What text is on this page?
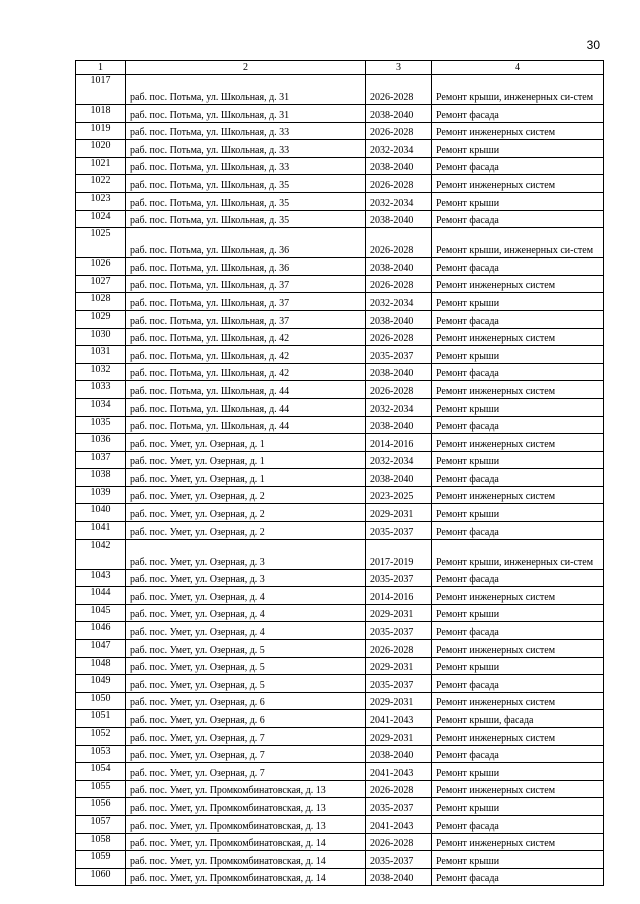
30
1	2	3	4
1017	раб. пос. Потьма, ул. Школьная, д. 31	2026-2028	Ремонт крыши, инженерных си-стем
1018	раб. пос. Потьма, ул. Школьная, д. 31	2038-2040	Ремонт фасада
1019	раб. пос. Потьма, ул. Школьная, д. 33	2026-2028	Ремонт инженерных систем
1020	раб. пос. Потьма, ул. Школьная, д. 33	2032-2034	Ремонт крыши
1021	раб. пос. Потьма, ул. Школьная, д. 33	2038-2040	Ремонт фасада
1022	раб. пос. Потьма, ул. Школьная, д. 35	2026-2028	Ремонт инженерных систем
1023	раб. пос. Потьма, ул. Школьная, д. 35	2032-2034	Ремонт крыши
1024	раб. пос. Потьма, ул. Школьная, д. 35	2038-2040	Ремонт фасада
1025	раб. пос. Потьма, ул. Школьная, д. 36	2026-2028	Ремонт крыши, инженерных си-стем
1026	раб. пос. Потьма, ул. Школьная, д. 36	2038-2040	Ремонт фасада
1027	раб. пос. Потьма, ул. Школьная, д. 37	2026-2028	Ремонт инженерных систем
1028	раб. пос. Потьма, ул. Школьная, д. 37	2032-2034	Ремонт крыши
1029	раб. пос. Потьма, ул. Школьная, д. 37	2038-2040	Ремонт фасада
1030	раб. пос. Потьма, ул. Школьная, д. 42	2026-2028	Ремонт инженерных систем
1031	раб. пос. Потьма, ул. Школьная, д. 42	2035-2037	Ремонт крыши
1032	раб. пос. Потьма, ул. Школьная, д. 42	2038-2040	Ремонт фасада
1033	раб. пос. Потьма, ул. Школьная, д. 44	2026-2028	Ремонт инженерных систем
1034	раб. пос. Потьма, ул. Школьная, д. 44	2032-2034	Ремонт крыши
1035	раб. пос. Потьма, ул. Школьная, д. 44	2038-2040	Ремонт фасада
1036	раб. пос. Умет, ул. Озерная, д. 1	2014-2016	Ремонт инженерных систем
1037	раб. пос. Умет, ул. Озерная, д. 1	2032-2034	Ремонт крыши
1038	раб. пос. Умет, ул. Озерная, д. 1	2038-2040	Ремонт фасада
1039	раб. пос. Умет, ул. Озерная, д. 2	2023-2025	Ремонт инженерных систем
1040	раб. пос. Умет, ул. Озерная, д. 2	2029-2031	Ремонт крыши
1041	раб. пос. Умет, ул. Озерная, д. 2	2035-2037	Ремонт фасада
1042	раб. пос. Умет, ул. Озерная, д. 3	2017-2019	Ремонт крыши, инженерных си-стем
1043	раб. пос. Умет, ул. Озерная, д. 3	2035-2037	Ремонт фасада
1044	раб. пос. Умет, ул. Озерная, д. 4	2014-2016	Ремонт инженерных систем
1045	раб. пос. Умет, ул. Озерная, д. 4	2029-2031	Ремонт крыши
1046	раб. пос. Умет, ул. Озерная, д. 4	2035-2037	Ремонт фасада
1047	раб. пос. Умет, ул. Озерная, д. 5	2026-2028	Ремонт инженерных систем
1048	раб. пос. Умет, ул. Озерная, д. 5	2029-2031	Ремонт крыши
1049	раб. пос. Умет, ул. Озерная, д. 5	2035-2037	Ремонт фасада
1050	раб. пос. Умет, ул. Озерная, д. 6	2029-2031	Ремонт инженерных систем
1051	раб. пос. Умет, ул. Озерная, д. 6	2041-2043	Ремонт крыши, фасада
1052	раб. пос. Умет, ул. Озерная, д. 7	2029-2031	Ремонт инженерных систем
1053	раб. пос. Умет, ул. Озерная, д. 7	2038-2040	Ремонт фасада
1054	раб. пос. Умет, ул. Озерная, д. 7	2041-2043	Ремонт крыши
1055	раб. пос. Умет, ул. Промкомбинатовская, д. 13	2026-2028	Ремонт инженерных систем
1056	раб. пос. Умет, ул. Промкомбинатовская, д. 13	2035-2037	Ремонт крыши
1057	раб. пос. Умет, ул. Промкомбинатовская, д. 13	2041-2043	Ремонт фасада
1058	раб. пос. Умет, ул. Промкомбинатовская, д. 14	2026-2028	Ремонт инженерных систем
1059	раб. пос. Умет, ул. Промкомбинатовская, д. 14	2035-2037	Ремонт крыши
1060	раб. пос. Умет, ул. Промкомбинатовская, д. 14	2038-2040	Ремонт фасада
